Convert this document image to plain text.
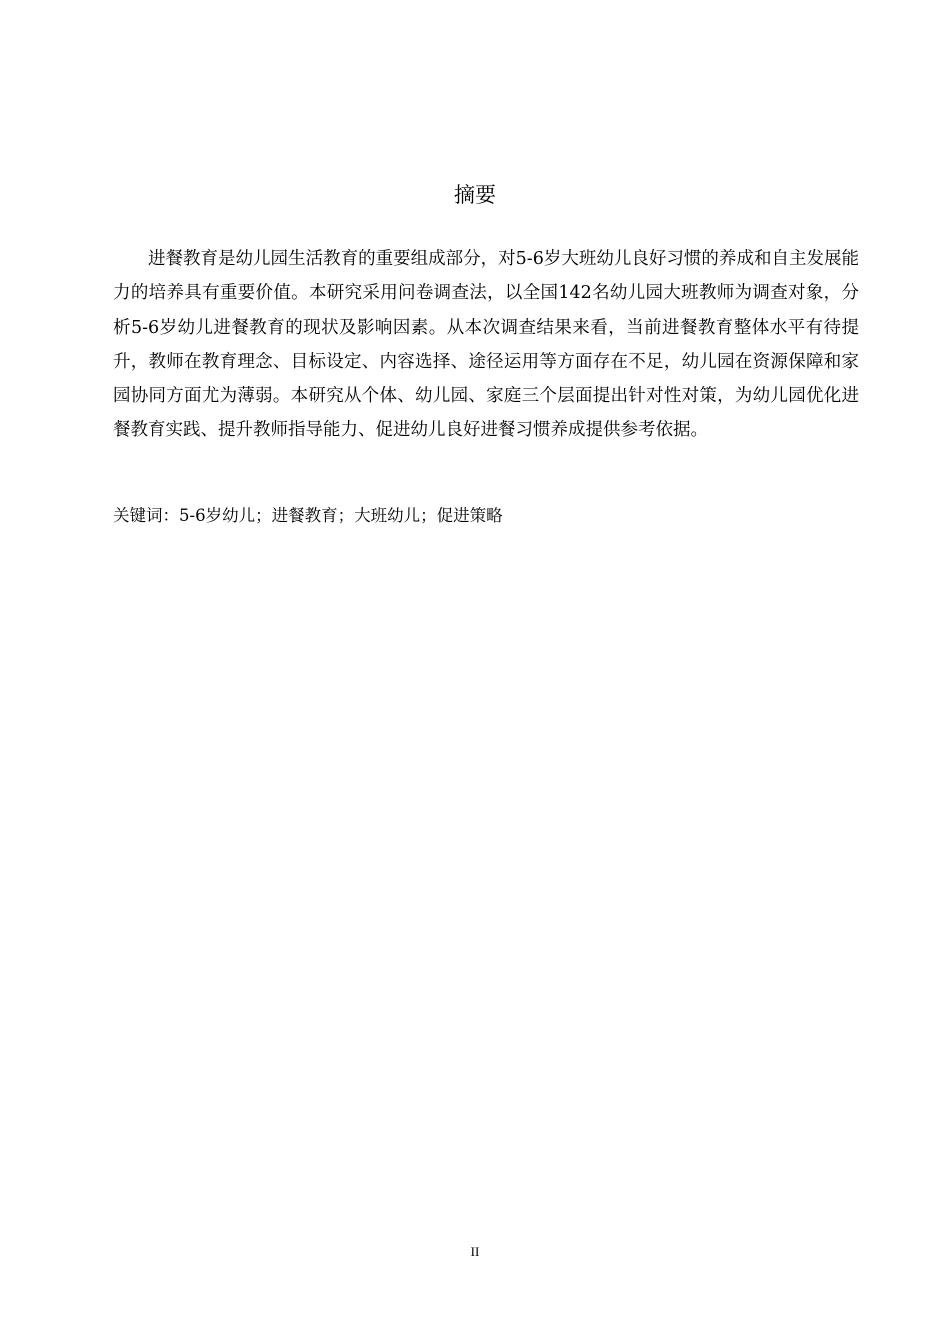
摘要

进餐教育是幼儿园生活教育的重要组成部分，对5-6岁大班幼儿良好习惯的养成和自主发展能力的培养具有重要价值。本研究采用问卷调查法，以全国142名幼儿园大班教师为调查对象，分析5-6岁幼儿进餐教育的现状及影响因素。从本次调查结果来看，当前进餐教育整体水平有待提升，教师在教育理念、目标设定、内容选择、途径运用等方面存在不足，幼儿园在资源保障和家园协同方面尤为薄弱。本研究从个体、幼儿园、家庭三个层面提出针对性对策，为幼儿园优化进餐教育实践、提升教师指导能力、促进幼儿良好进餐习惯养成提供参考依据。

关键词：5-6岁幼儿；进餐教育；大班幼儿；促进策略

II
